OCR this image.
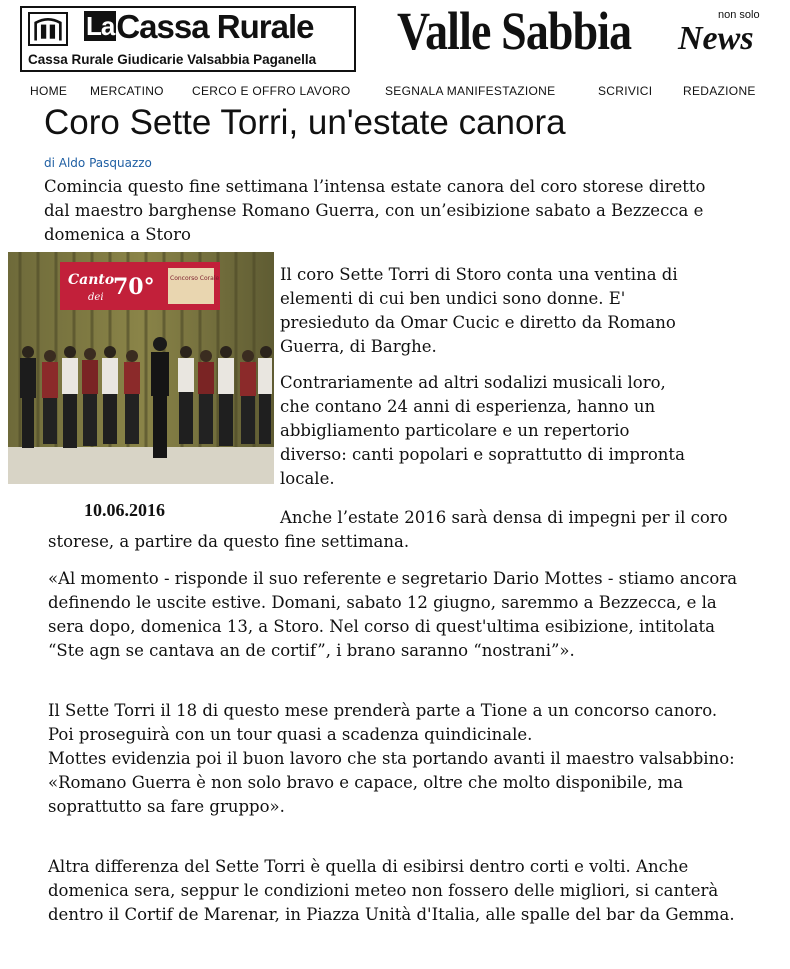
LaCassa Rurale
Cassa Rurale Giudicarie Valsabbia Paganella Valle Sabbia	non solo
News
HOME MERCATINO CERCO E OFFRO LAVORO	SEGNALA MANIFESTAZIONE	SCRIVICI	REDAZIONE
Coro Sette Torri, un'estate canora
di Aldo Pasquazzo

Comincia questo fine settimana l’intensa estate canora del coro storese diretto dal maestro barghense Romano Guerra, con un’esibizione sabato a Bezzecca e domenica a Storo

Canto
dei 70°	Concorso Corale
10.06.2016

Il coro Sette Torri di Storo conta una ventina di elementi di cui ben undici sono donne. E' presieduto da Omar Cucic e diretto da Romano Guerra, di Barghe.

Contrariamente ad altri sodalizi musicali loro, che contano 24 anni di esperienza, hanno un abbigliamento particolare e un repertorio diverso: canti popolari e soprattutto di impronta locale.

Anche l’estate 2016 sarà densa di impegni per il coro storese, a partire da questo fine settimana.

«Al momento - risponde il suo referente e segretario Dario Mottes - stiamo ancora definendo le uscite estive. Domani, sabato 12 giugno, saremmo a Bezzecca, e la sera dopo, domenica 13, a Storo. Nel corso di quest'ultima esibizione, intitolata “Ste agn se cantava an de cortif”, i brano saranno “nostrani”».

Il Sette Torri il 18 di questo mese prenderà parte a Tione a un concorso canoro. Poi proseguirà con un tour quasi a scadenza quindicinale.
Mottes evidenzia poi il buon lavoro che sta portando avanti il maestro valsabbino: «Romano Guerra è non solo bravo e capace, oltre che molto disponibile, ma soprattutto sa fare gruppo».

Altra differenza del Sette Torri è quella di esibirsi dentro corti e volti. Anche domenica sera, seppur le condizioni meteo non fossero delle migliori, si canterà dentro il Cortif de Marenar, in Piazza Unità d'Italia, alle spalle del bar da Gemma.
